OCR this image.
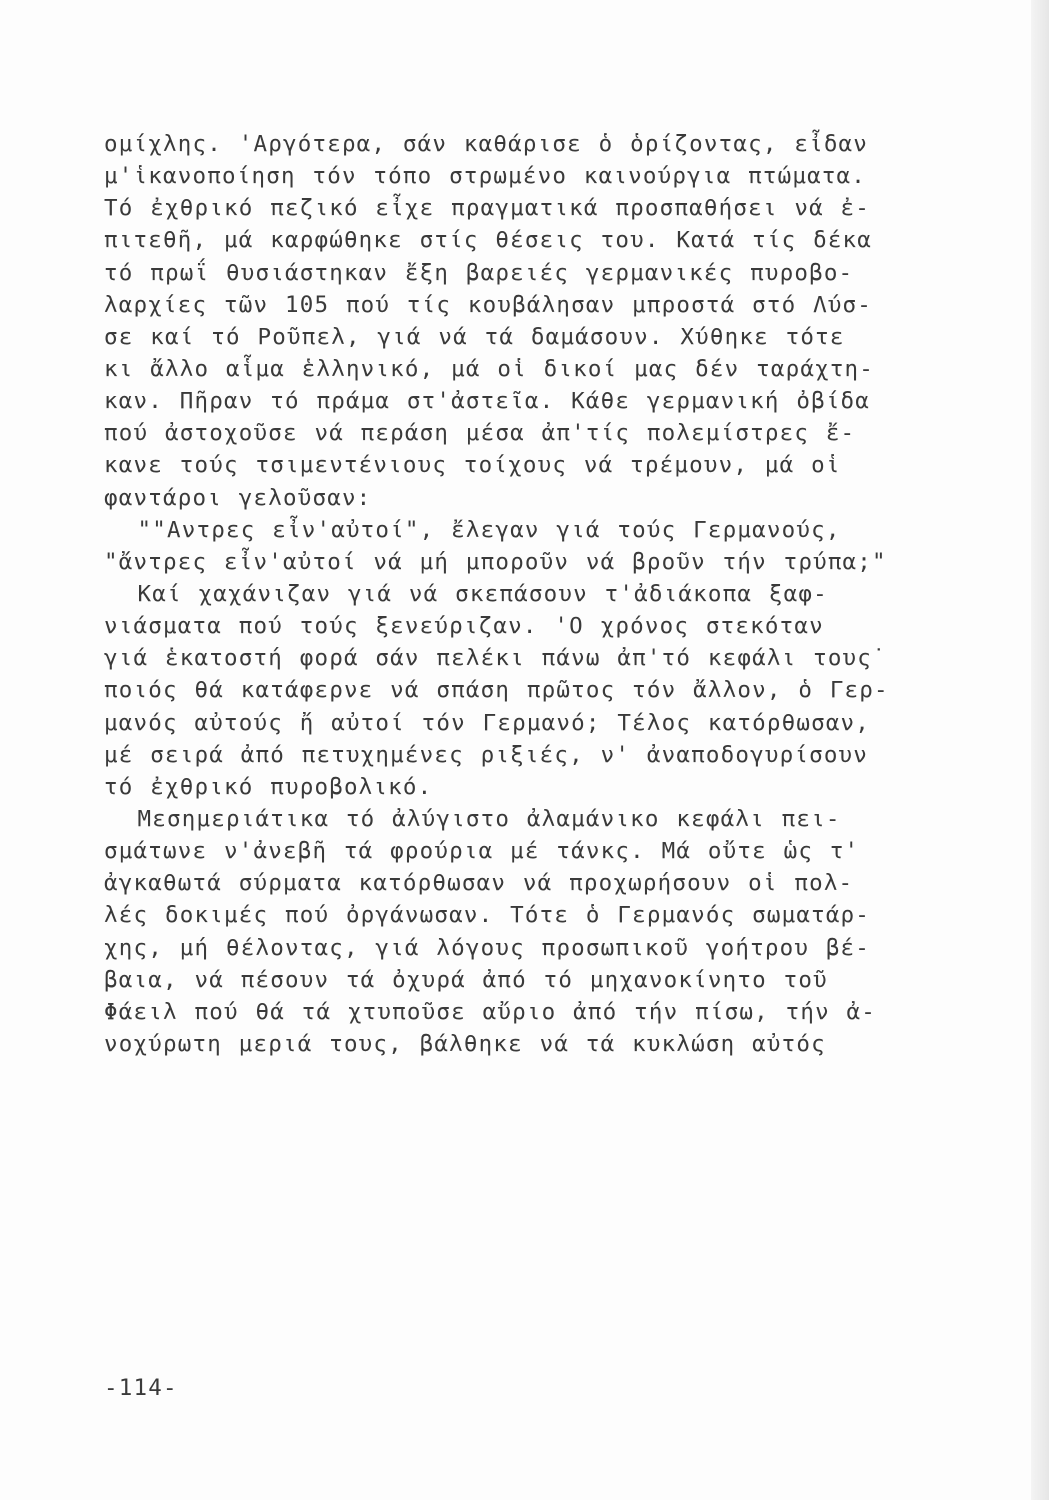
ομίχλης. 'Αργότερα, σάν καθάρισε ὁ ὁρίζοντας, εἶδαν
μ'ἱκανοποίηση τόν τόπο στρωμένο καινούργια πτώματα.
Τό ἐχθρικό πεζικό εἶχε πραγματικά προσπαθήσει νά ἐ-
πιτεθῆ, μά καρφώθηκε στίς θέσεις του. Κατά τίς δέκα
τό πρωΐ θυσιάστηκαν ἔξη βαρειές γερμανικές πυροβο-
λαρχίες τῶν 105 πού τίς κουβάλησαν μπροστά στό Λύσ-
σε καί τό Ροῦπελ, γιά νά τά δαμάσουν. Χύθηκε τότε
κι ἄλλο αἷμα ἑλληνικό, μά οἱ δικοί μας δέν ταράχτη-
καν. Πῆραν τό πράμα στ'ἀστεῖα. Κάθε γερμανική ὀβίδα
πού ἀστοχοῦσε νά περάση μέσα ἀπ'τίς πολεμίστρες ἔ-
κανε τούς τσιμεντένιους τοίχους νά τρέμουν, μά οἱ
φαντάροι γελοῦσαν:
""Αντρες εἶν'αὐτοί", ἔλεγαν γιά τούς Γερμανούς,
"ἄντρες εἶν'αὐτοί νά μή μποροῦν νά βροῦν τήν τρύπα;"
Καί χαχάνιζαν γιά νά σκεπάσουν τ'ἀδιάκοπα ξαφ-
νιάσματα πού τούς ξενεύριζαν. 'Ο χρόνος στεκόταν
γιά ἑκατοστή φορά σάν πελέκι πάνω ἀπ'τό κεφάλι τους˙
ποιός θά κατάφερνε νά σπάση πρῶτος τόν ἄλλον, ὁ Γερ-
μανός αὐτούς ἤ αὐτοί τόν Γερμανό; Τέλος κατόρθωσαν,
μέ σειρά ἀπό πετυχημένες ριξιές, ν' ἀναποδογυρίσουν
τό ἐχθρικό πυροβολικό.
Μεσημεριάτικα τό ἀλύγιστο ἀλαμάνικο κεφάλι πει-
σμάτωνε ν'ἀνεβῆ τά φρούρια μέ τάνκς. Μά οὔτε ὡς τ'
ἀγκαθωτά σύρματα κατόρθωσαν νά προχωρήσουν οἱ πολ-
λές δοκιμές πού ὀργάνωσαν. Τότε ὁ Γερμανός σωματάρ-
χης, μή θέλοντας, γιά λόγους προσωπικοῦ γοήτρου βέ-
βαια, νά πέσουν τά ὀχυρά ἀπό τό μηχανοκίνητο τοῦ
Φάειλ πού θά τά χτυποῦσε αὔριο ἀπό τήν πίσω, τήν ἀ-
νοχύρωτη μεριά τους, βάλθηκε νά τά κυκλώση αὐτός
-114-
